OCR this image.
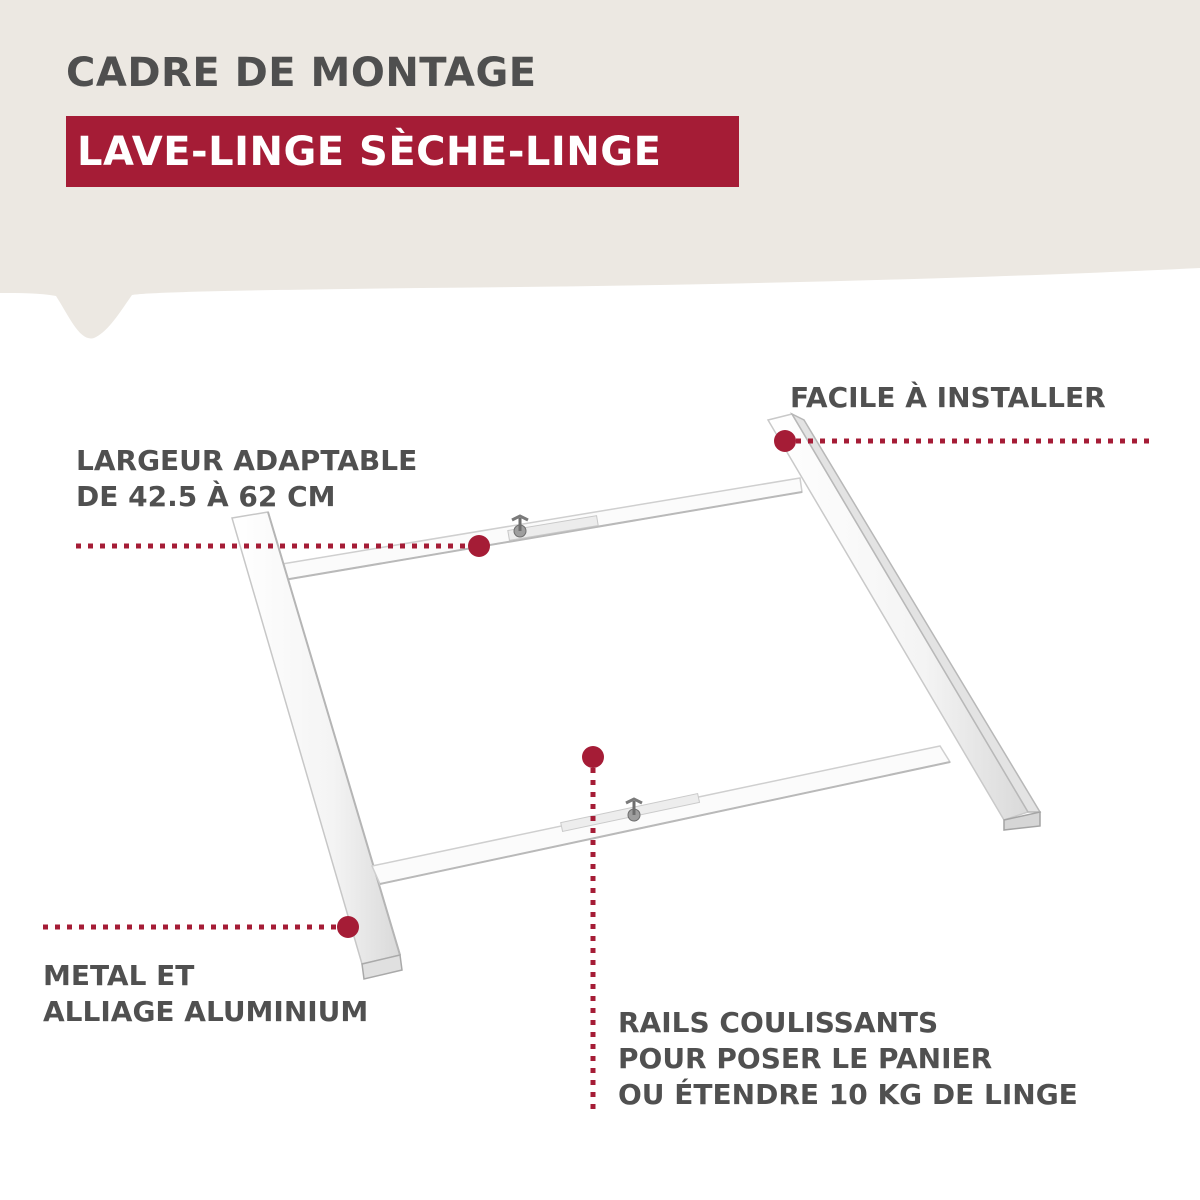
CADRE DE MONTAGE
LAVE-LINGE SÈCHE-LINGE
LARGEUR ADAPTABLE
DE 42.5 À 62 CM
FACILE À INSTALLER
METAL ET
ALLIAGE ALUMINIUM	RAILS COULISSANTS
POUR POSER LE PANIER
OU ÉTENDRE 10 KG DE LINGE
